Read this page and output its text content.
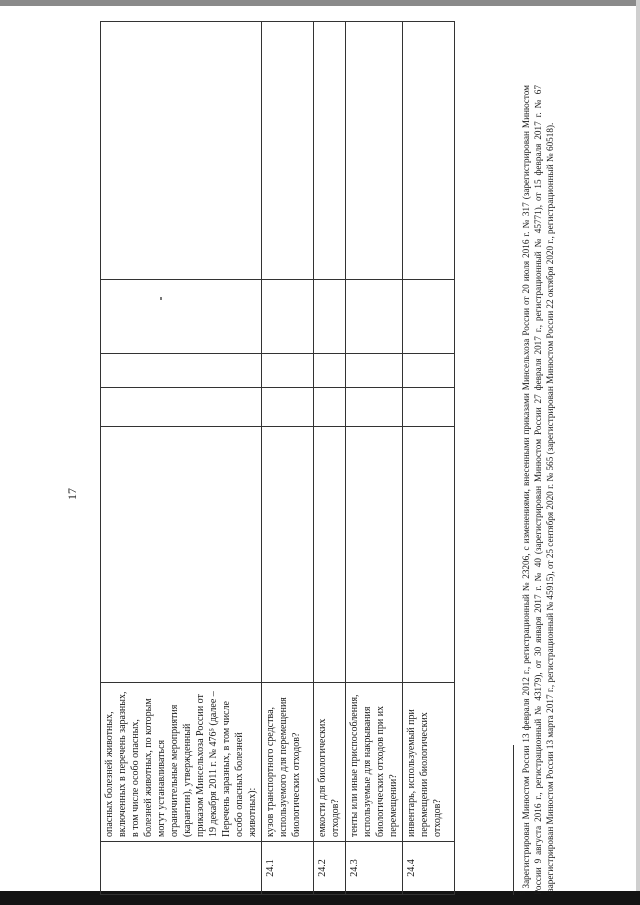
17
	опасных болезней животных, включенных в перечень заразных, в том числе особо опасных, болезней животных, по которым могут устанавливаться ограничительные мероприятия (карантин), утвержденный приказом Минсельхоза России от 19 декабря 2011 г. № 476⁵ (далее – Перечень заразных, в том числе особо опасных болезней животных):					
24.1	кузов транспортного средства, используемого для перемещения биологических отходов?					
24.2	емкости для биологических отходов?					
24.3	тенты или иные приспособления, используемые для накрывания биологических отходов при их перемещении?					
24.4	инвентарь, используемый при перемещении биологических отходов?					
$^5$ Зарегистрирован Минюстом России 13 февраля 2012 г., регистрационный № 23206, с изменениями, внесенными приказами Минсельхоза России от 20 июля 2016 г. № 317 (зарегистрирован Минюстом России 9 августа 2016 г., регистрационный № 43179), от 30 января 2017 г. № 40 (зарегистрирован Минюстом России 27 февраля 2017 г., регистрационный № 45771), от 15 февраля 2017 г. № 67 (зарегистрирован Минюстом России 13 марта 2017 г., регистрационный № 45915), от 25 сентября 2020 г. № 565 (зарегистрирован Минюстом России 22 октября 2020 г., регистрационный № 60518).
